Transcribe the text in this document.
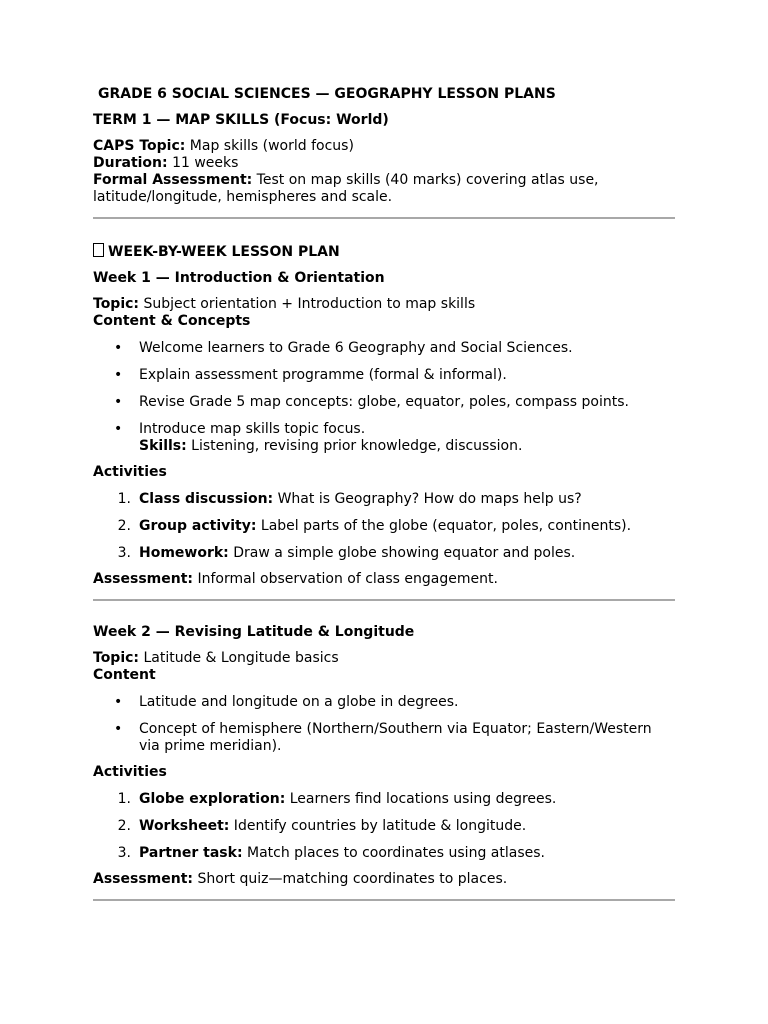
GRADE 6 SOCIAL SCIENCES — GEOGRAPHY LESSON PLANS

TERM 1 — MAP SKILLS (Focus: World)

CAPS Topic: Map skills (world focus)

Duration: 11 weeks

Formal Assessment: Test on map skills (40 marks) covering atlas use,

latitude/longitude, hemispheres and scale.

WEEK-BY-WEEK LESSON PLAN

Week 1 — Introduction & Orientation

Topic: Subject orientation + Introduction to map skills

Content & Concepts

• Welcome learners to Grade 6 Geography and Social Sciences.
• Explain assessment programme (formal & informal).
• Revise Grade 5 map concepts: globe, equator, poles, compass points.
• Introduce map skills topic focus.
Skills: Listening, revising prior knowledge, discussion.

Activities

1. Class discussion: What is Geography? How do maps help us?
2. Group activity: Label parts of the globe (equator, poles, continents).
3. Homework: Draw a simple globe showing equator and poles.

Assessment: Informal observation of class engagement.

Week 2 — Revising Latitude & Longitude

Topic: Latitude & Longitude basics

Content

• Latitude and longitude on a globe in degrees.
• Concept of hemisphere (Northern/Southern via Equator; Eastern/Western
via prime meridian).

Activities

1. Globe exploration: Learners find locations using degrees.
2. Worksheet: Identify countries by latitude & longitude.
3. Partner task: Match places to coordinates using atlases.

Assessment: Short quiz—matching coordinates to places.
